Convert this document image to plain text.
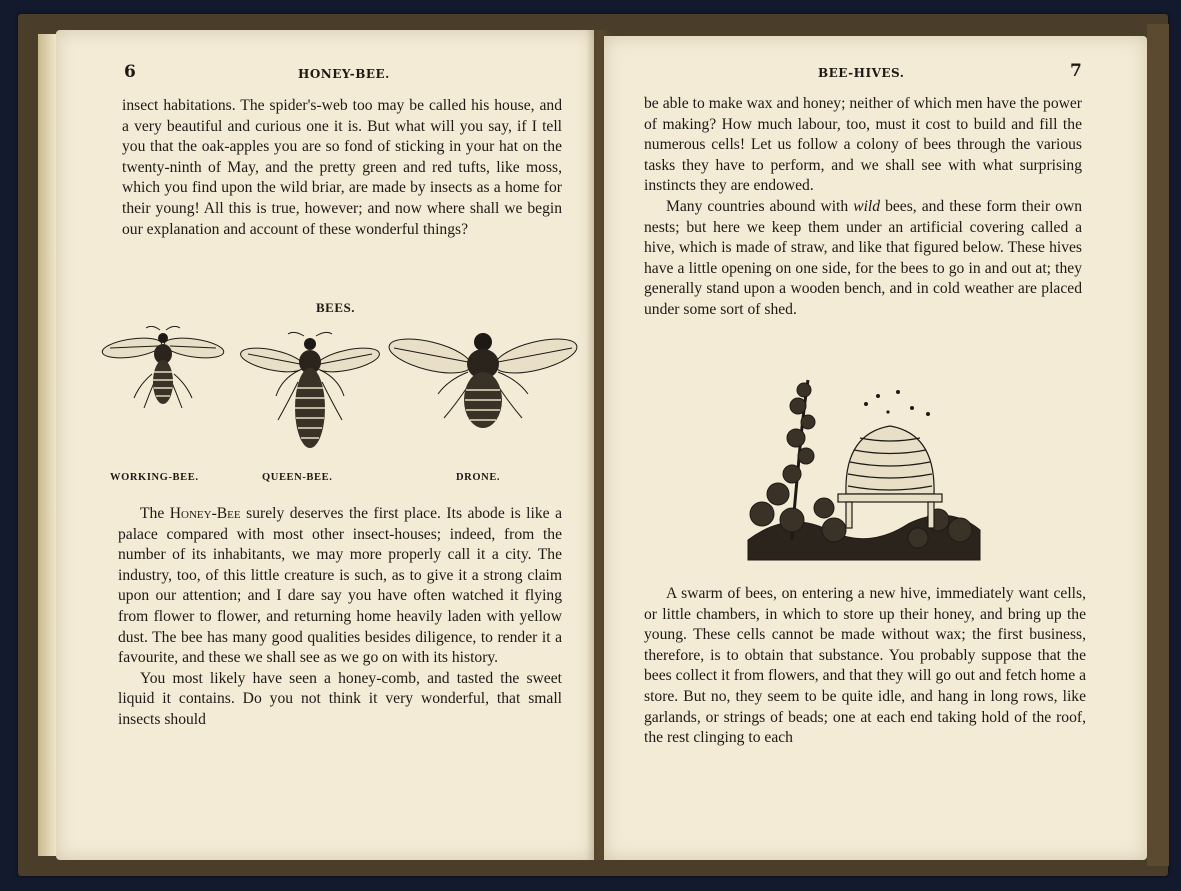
6	HONEY-BEE.

insect habitations. The spider's-web too may be called his house, and a very beautiful and curious one it is. But what will you say, if I tell you that the oak-apples you are so fond of sticking in your hat on the twenty-ninth of May, and the pretty green and red tufts, like moss, which you find upon the wild briar, are made by insects as a home for their young! All this is true, however; and now where shall we begin our explanation and account of these wonderful things?

BEES.
WORKING-BEE.	QUEEN-BEE.	DRONE.

The Honey-Bee surely deserves the first place. Its abode is like a palace compared with most other insect-houses; indeed, from the number of its inhabitants, we may more properly call it a city. The industry, too, of this little creature is such, as to give it a strong claim upon our attention; and I dare say you have often watched it flying from flower to flower, and returning home heavily laden with yellow dust. The bee has many good qualities besides diligence, to render it a favourite, and these we shall see as we go on with its history.

You most likely have seen a honey-comb, and tasted the sweet liquid it contains. Do you not think it very wonderful, that small insects should

BEE-HIVES.	7

be able to make wax and honey; neither of which men have the power of making? How much labour, too, must it cost to build and fill the numerous cells! Let us follow a colony of bees through the various tasks they have to perform, and we shall see with what surprising instincts they are endowed.

Many countries abound with wild bees, and these form their own nests; but here we keep them under an artificial covering called a hive, which is made of straw, and like that figured below. These hives have a little opening on one side, for the bees to go in and out at; they generally stand upon a wooden bench, and in cold weather are placed under some sort of shed.

A swarm of bees, on entering a new hive, immediately want cells, or little chambers, in which to store up their honey, and bring up the young. These cells cannot be made without wax; the first business, therefore, is to obtain that substance. You probably suppose that the bees collect it from flowers, and that they will go out and fetch home a store. But no, they seem to be quite idle, and hang in long rows, like garlands, or strings of beads; one at each end taking hold of the roof, the rest clinging to each
